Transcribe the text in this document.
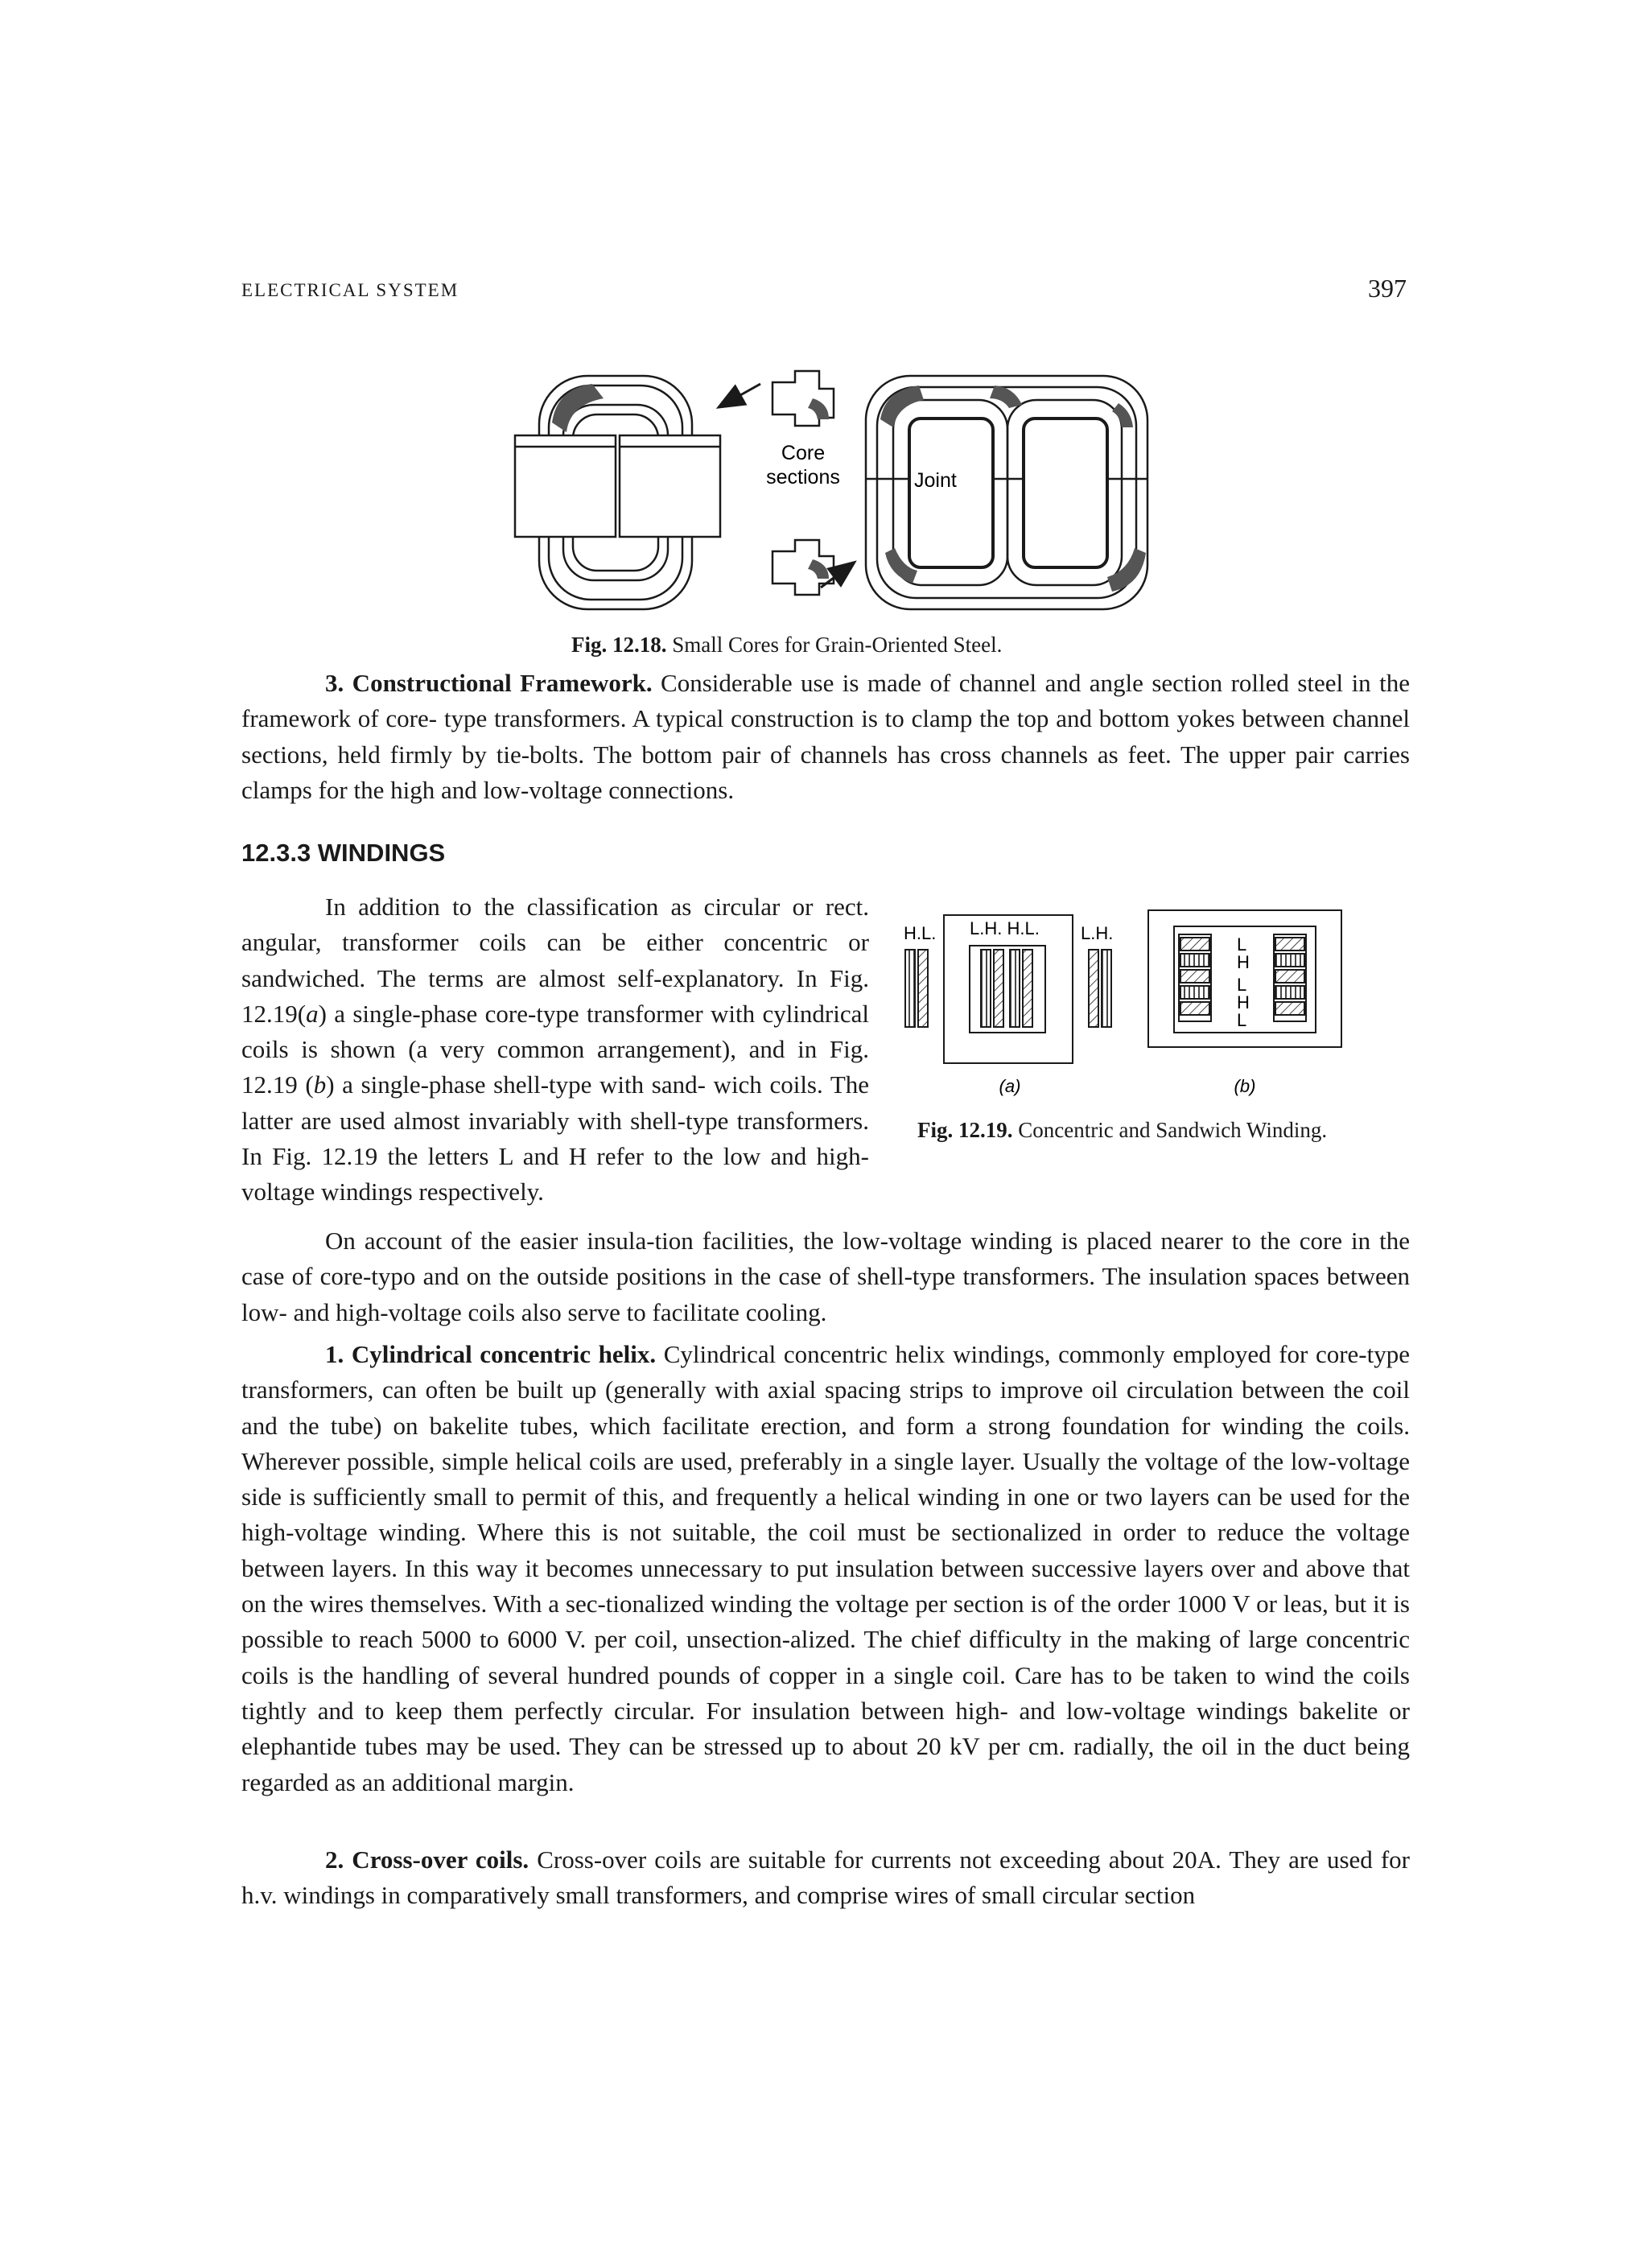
ELECTRICAL SYSTEM	397
Core
sections	Joint
Fig. 12.18. Small Cores for Grain-Oriented Steel.

3. Constructional Framework. Considerable use is made of channel and angle section rolled steel in the framework of core- type transformers. A typical construction is to clamp the top and bottom yokes between channel sections, held firmly by tie-bolts. The bottom pair of channels has cross channels as feet. The upper pair carries clamps for the high and low-voltage connections.

12.3.3 WINDINGS

In addition to the classification as circular or rect. angular, transformer coils can be either concentric or sandwiched. The terms are almost self-explanatory. In Fig. 12.19(a) a single-phase core-type transformer with cylindrical coils is shown (a very common arrangement), and in Fig. 12.19 (b) a single-phase shell-type with sand- wich coils. The latter are used almost invariably with shell-type transformers. In Fig. 12.19 the letters L and H refer to the low and high-voltage windings respectively.

H.L. L.H. H.L. L.H.
L
H
L
H
L
(a)	(b)
Fig. 12.19. Concentric and Sandwich Winding.

On account of the easier insula-tion facilities, the low-voltage winding is placed nearer to the core in the case of core-typo and on the outside positions in the case of shell-type transformers. The insulation spaces between low- and high-voltage coils also serve to facilitate cooling.

1. Cylindrical concentric helix. Cylindrical concentric helix windings, commonly employed for core-type transformers, can often be built up (generally with axial spacing strips to improve oil circulation between the coil and the tube) on bakelite tubes, which facilitate erection, and form a strong foundation for winding the coils. Wherever possible, simple helical coils are used, preferably in a single layer. Usually the voltage of the low-voltage side is sufficiently small to permit of this, and frequently a helical winding in one or two layers can be used for the high-voltage winding. Where this is not suitable, the coil must be sectionalized in order to reduce the voltage between layers. In this way it becomes unnecessary to put insulation between successive layers over and above that on the wires themselves. With a sec-tionalized winding the voltage per section is of the order 1000 V or leas, but it is possible to reach 5000 to 6000 V. per coil, unsection-alized. The chief difficulty in the making of large concentric coils is the handling of several hundred pounds of copper in a single coil. Care has to be taken to wind the coils tightly and to keep them perfectly circular. For insulation between high- and low-voltage windings bakelite or elephantide tubes may be used. They can be stressed up to about 20 kV per cm. radially, the oil in the duct being regarded as an additional margin.

2. Cross-over coils. Cross-over coils are suitable for currents not exceeding about 20A. They are used for h.v. windings in comparatively small transformers, and comprise wires of small circular section
